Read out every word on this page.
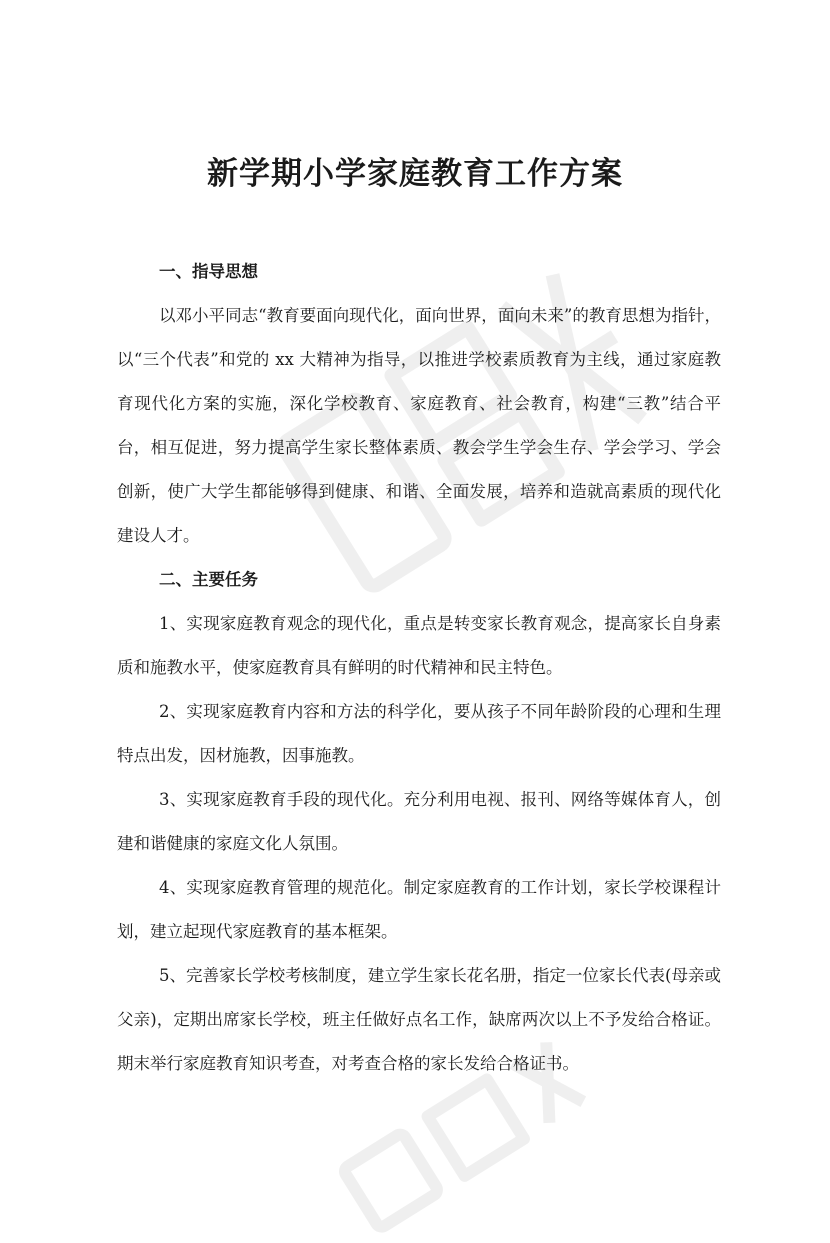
新学期小学家庭教育工作方案

一、指导思想

以邓小平同志“教育要面向现代化，面向世界，面向未来”的教育思想为指针，以“三个代表”和党的 xx 大精神为指导，以推进学校素质教育为主线，通过家庭教育现代化方案的实施，深化学校教育、家庭教育、社会教育，构建“三教”结合平台，相互促进，努力提高学生家长整体素质、教会学生学会生存、学会学习、学会创新，使广大学生都能够得到健康、和谐、全面发展，培养和造就高素质的现代化建设人才。

二、主要任务

1、实现家庭教育观念的现代化，重点是转变家长教育观念，提高家长自身素质和施教水平，使家庭教育具有鲜明的时代精神和民主特色。

2、实现家庭教育内容和方法的科学化，要从孩子不同年龄阶段的心理和生理特点出发，因材施教，因事施教。

3、实现家庭教育手段的现代化。充分利用电视、报刊、网络等媒体育人，创建和谐健康的家庭文化人氛围。

4、实现家庭教育管理的规范化。制定家庭教育的工作计划，家长学校课程计划，建立起现代家庭教育的基本框架。

5、完善家长学校考核制度，建立学生家长花名册，指定一位家长代表(母亲或父亲)，定期出席家长学校，班主任做好点名工作，缺席两次以上不予发给合格证。期末举行家庭教育知识考查，对考查合格的家长发给合格证书。
